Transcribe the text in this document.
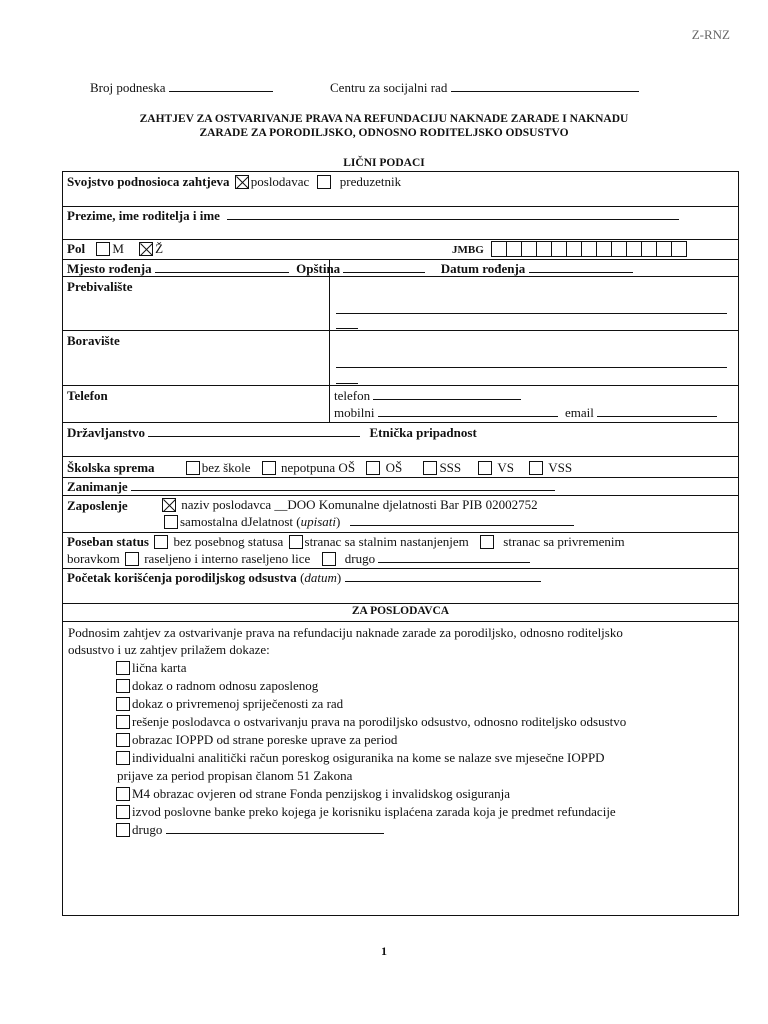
Z-RNZ
Broj podneska	Centru za socijalni rad
ZAHTJEV ZA OSTVARIVANJE PRAVA NA REFUNDACIJU NAKNADE ZARADE I NAKNADU
ZARADE ZA PORODILJSKO, ODNOSNO RODITELJSKO ODSUSTVO
LIČNI PODACI
Svojstvo podnosioca zahtjeva poslodavac preduzetnik
Prezime, ime roditelja i ime
Pol M Ž	JMBG
Mjesto rođenja	Opština	Datum rođenja
Prebivalište
Boravište
Telefon	telefon
mobilni	email
Državljanstvo	Etnička pripadnost
Školska sprema	bez škole nepotpuna OŠ OŠ	SSS	VS	VSS
Zanimanje
Zaposlenje	naziv poslodavca __DOO Komunalne djelatnosti Bar PIB 02002752
samostalna dJelatnost (upisati)
Poseban status bez posebnog statusa stranac sa stalnim nastanjenjem	stranac sa privremenim
boravkom raseljeno i interno raseljeno lice	drugo
Početak korišćenja porodiljskog odsustva (datum)
ZA POSLODAVCA
Podnosim zahtjev za ostvarivanje prava na refundaciju naknade zarade za porodiljsko, odnosno roditeljsko
odsustvo i uz zahtjev prilažem dokaze:
lična karta
dokaz o radnom odnosu zaposlenog
dokaz o privremenoj spriječenosti za rad
rešenje poslodavca o ostvarivanju prava na porodiljsko odsustvo, odnosno roditeljsko odsustvo
obrazac IOPPD od strane poreske uprave za period
individualni analitički račun poreskog osiguranika na kome se nalaze sve mjesečne IOPPD
prijave za period propisan članom 51 Zakona
M4 obrazac ovjeren od strane Fonda penzijskog i invalidskog osiguranja
izvod poslovne banke preko kojega je korisniku isplaćena zarada koja je predmet refundacije
drugo
1
